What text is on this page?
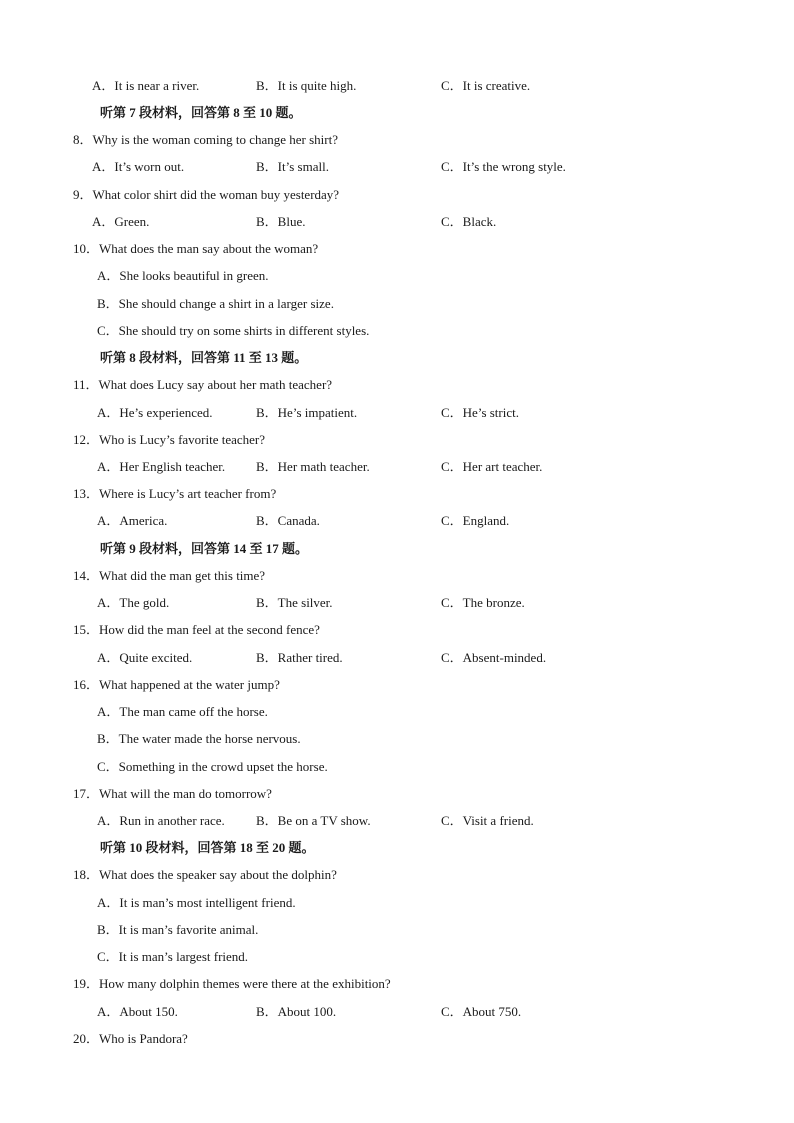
A．It is near a river.	B．It is quite high.	C．It is creative.
听第 7 段材料，回答第 8 至 10 题。
8．Why is the woman coming to change her shirt?
A．It’s worn out.	B．It’s small.	C．It’s the wrong style.
9．What color shirt did the woman buy yesterday?
A．Green.	B．Blue.	C．Black.
10．What does the man say about the woman?
A．She looks beautiful in green.
B．She should change a shirt in a larger size.
C．She should try on some shirts in different styles.
听第 8 段材料，回答第 11 至 13 题。
11．What does Lucy say about her math teacher?
A．He’s experienced.	B．He’s impatient.	C．He’s strict.
12．Who is Lucy’s favorite teacher?
A．Her English teacher. B．Her math teacher.	C．Her art teacher.
13．Where is Lucy’s art teacher from?
A．America.	B．Canada.	C．England.
听第 9 段材料，回答第 14 至 17 题。
14．What did the man get this time?
A．The gold.	B．The silver.	C．The bronze.
15．How did the man feel at the second fence?
A．Quite excited.	B．Rather tired.	C．Absent-minded.
16．What happened at the water jump?
A．The man came off the horse.
B．The water made the horse nervous.
C．Something in the crowd upset the horse.
17．What will the man do tomorrow?
A．Run in another race. B．Be on a TV show.	C．Visit a friend.
听第 10 段材料，回答第 18 至 20 题。
18．What does the speaker say about the dolphin?
A．It is man’s most intelligent friend.
B．It is man’s favorite animal.
C．It is man’s largest friend.
19．How many dolphin themes were there at the exhibition?
A．About 150.	B．About 100.	C．About 750.
20．Who is Pandora?
